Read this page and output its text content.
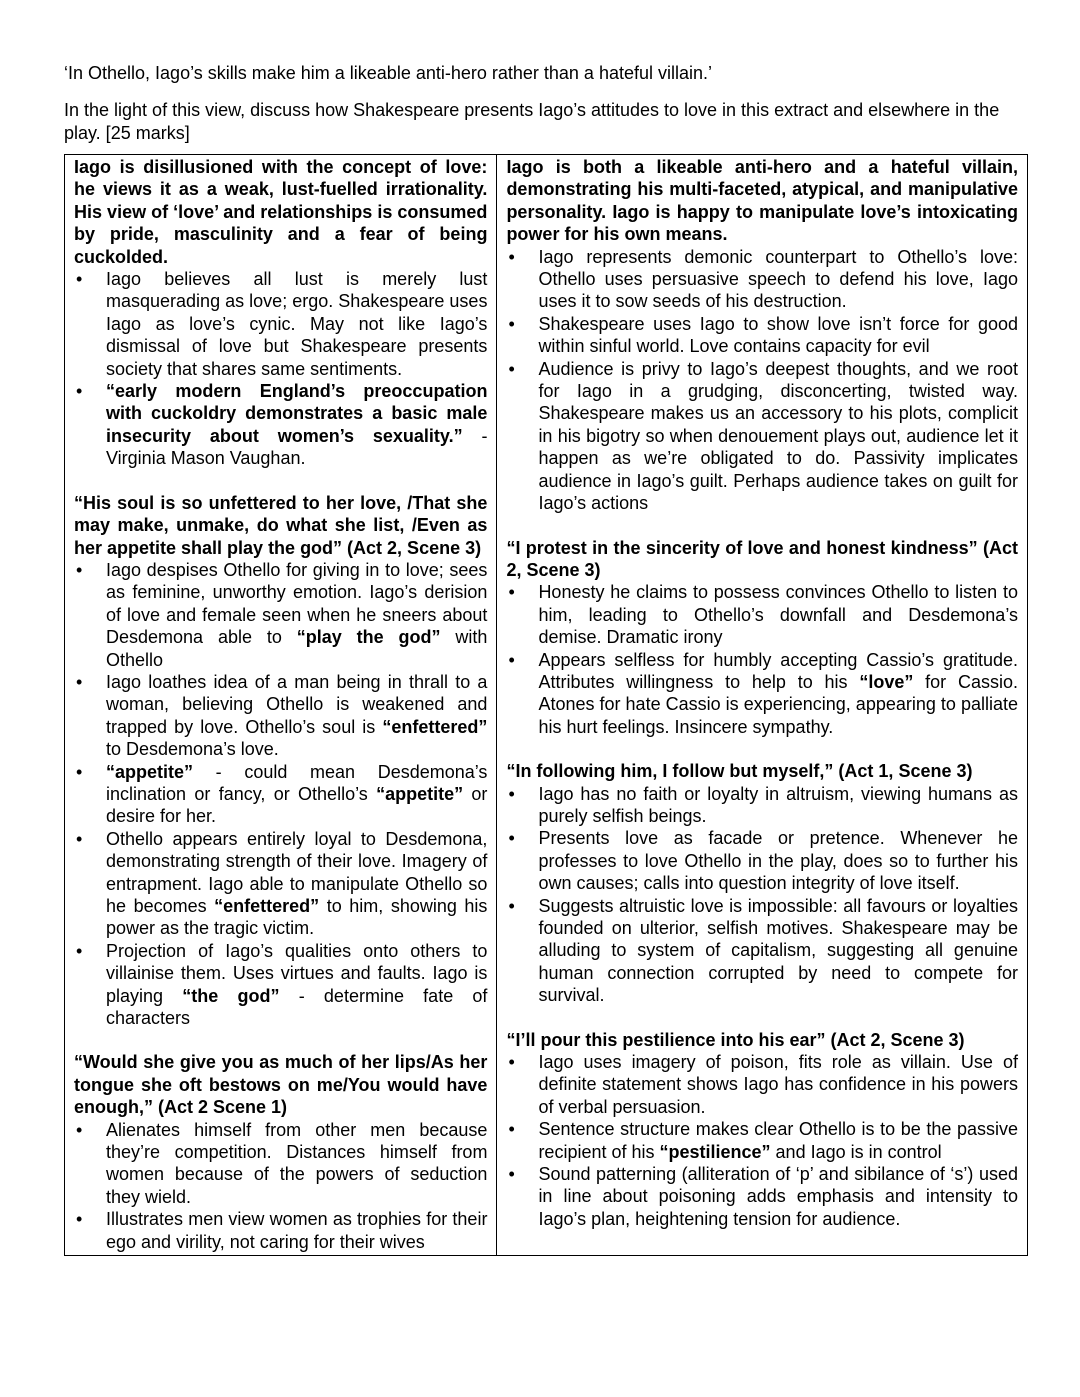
‘In Othello, Iago’s skills make him a likeable anti-hero rather than a hateful villain.’

In the light of this view, discuss how Shakespeare presents Iago’s attitudes to love in this extract and elsewhere in the play. [25 marks]

Iago is disillusioned with the concept of love: he views it as a weak, lust-fuelled irrationality. His view of ‘love’ and relationships is consumed by pride, masculinity and a fear of being cuckolded.

• Iago believes all lust is merely lust masquerading as love; ergo. Shakespeare uses Iago as love’s cynic. May not like Iago’s dismissal of love but Shakespeare presents society that shares same sentiments.
• “early modern England’s preoccupation with cuckoldry demonstrates a basic male insecurity about women’s sexuality.” - Virginia Mason Vaughan.

“His soul is so unfettered to her love, /That she may make, unmake, do what she list, /Even as her appetite shall play the god” (Act 2, Scene 3)

• Iago despises Othello for giving in to love; sees as feminine, unworthy emotion. Iago’s derision of love and female seen when he sneers about Desdemona able to “play the god” with Othello
• Iago loathes idea of a man being in thrall to a woman, believing Othello is weakened and trapped by love. Othello’s soul is “enfettered” to Desdemona’s love.
• “appetite” - could mean Desdemona’s inclination or fancy, or Othello’s “appetite” or desire for her.
• Othello appears entirely loyal to Desdemona, demonstrating strength of their love. Imagery of entrapment. Iago able to manipulate Othello so he becomes “enfettered” to him, showing his power as the tragic victim.
• Projection of Iago’s qualities onto others to villainise them. Uses virtues and faults. Iago is playing “the god” - determine fate of characters

“Would she give you as much of her lips/As her tongue she oft bestows on me/You would have enough,” (Act 2 Scene 1)

• Alienates himself from other men because they’re competition. Distances himself from women because of the powers of seduction they wield.
• Illustrates men view women as trophies for their ego and virility, not caring for their wives

Iago is both a likeable anti-hero and a hateful villain, demonstrating his multi-faceted, atypical, and manipulative personality. Iago is happy to manipulate love’s intoxicating power for his own means.

• Iago represents demonic counterpart to Othello’s love: Othello uses persuasive speech to defend his love, Iago uses it to sow seeds of his destruction.
• Shakespeare uses Iago to show love isn’t force for good within sinful world. Love contains capacity for evil
• Audience is privy to Iago’s deepest thoughts, and we root for Iago in a grudging, disconcerting, twisted way. Shakespeare makes us an accessory to his plots, complicit in his bigotry so when denouement plays out, audience let it happen as we’re obligated to do. Passivity implicates audience in Iago’s guilt. Perhaps audience takes on guilt for Iago’s actions

“I protest in the sincerity of love and honest kindness” (Act 2, Scene 3)

• Honesty he claims to possess convinces Othello to listen to him, leading to Othello’s downfall and Desdemona’s demise. Dramatic irony
• Appears selfless for humbly accepting Cassio’s gratitude. Attributes willingness to help to his “love” for Cassio. Atones for hate Cassio is experiencing, appearing to palliate his hurt feelings. Insincere sympathy.

“In following him, I follow but myself,” (Act 1, Scene 3)

• Iago has no faith or loyalty in altruism, viewing humans as purely selfish beings.
• Presents love as facade or pretence. Whenever he professes to love Othello in the play, does so to further his own causes; calls into question integrity of love itself.
• Suggests altruistic love is impossible: all favours or loyalties founded on ulterior, selfish motives. Shakespeare may be alluding to system of capitalism, suggesting all genuine human connection corrupted by need to compete for survival.

“I’ll pour this pestilience into his ear” (Act 2, Scene 3)

• Iago uses imagery of poison, fits role as villain. Use of definite statement shows Iago has confidence in his powers of verbal persuasion.
• Sentence structure makes clear Othello is to be the passive recipient of his “pestilience” and Iago is in control
• Sound patterning (alliteration of ‘p’ and sibilance of ‘s’) used in line about poisoning adds emphasis and intensity to Iago’s plan, heightening tension for audience.
